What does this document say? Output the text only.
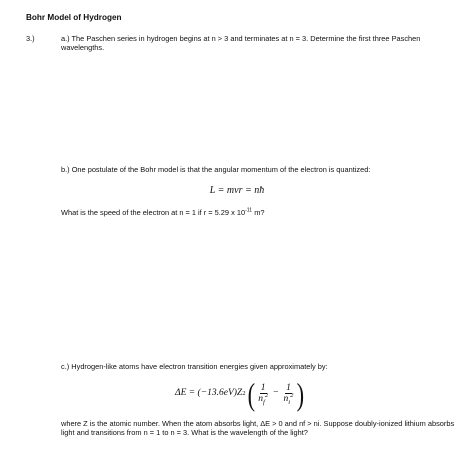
Bohr Model of Hydrogen
3.)	a.) The Paschen series in hydrogen begins at n > 3 and terminates at n = 3. Determine the first three Paschen wavelengths.
b.) One postulate of the Bohr model is that the angular momentum of the electron is quantized:
L = mvr = nħ
What is the speed of the electron at n = 1 if r = 5.29 x $10^{-11}$ m?
c.) Hydrogen-like atoms have electron transition energies given approximately by:
ΔE = (−13.6eV)Z 2 ( $\frac{1}{n_f^2} - \frac{1}{n_i^2}$ )
where Z is the atomic number. When the atom absorbs light, ΔE > 0 and nf > ni. Suppose doubly-ionized lithium absorbs light and transitions from n = 1 to n = 3. What is the wavelength of the light?
